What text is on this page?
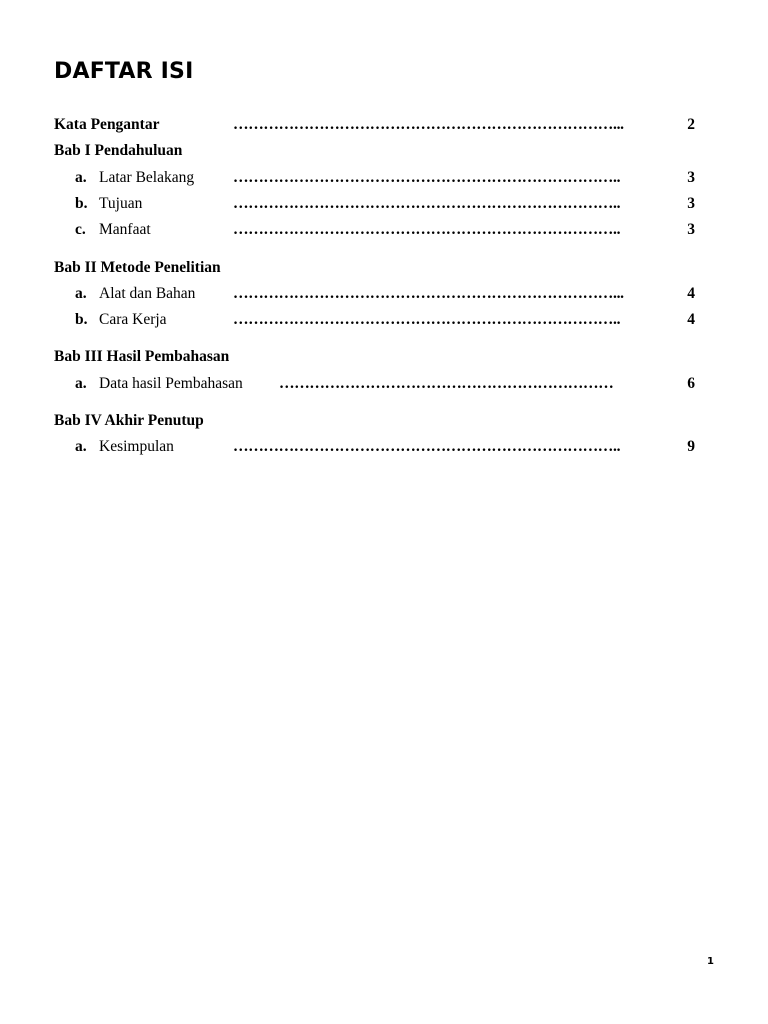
DAFTAR ISI
Kata Pengantar	…………………………………………………………………...	2
Bab I Pendahuluan
a. Latar Belakang	…………………………………………………………………..	3
b. Tujuan	…………………………………………………………………..	3
c. Manfaat	…………………………………………………………………..	3
Bab II Metode Penelitian
a. Alat dan Bahan …………………………………………………………………...	4
b. Cara Kerja	…………………………………………………………………..	4
Bab III Hasil Pembahasan
a. Data hasil Pembahasan …………………………………………………………	6
Bab IV Akhir Penutup
a. Kesimpulan	…………………………………………………………………..	9
1
